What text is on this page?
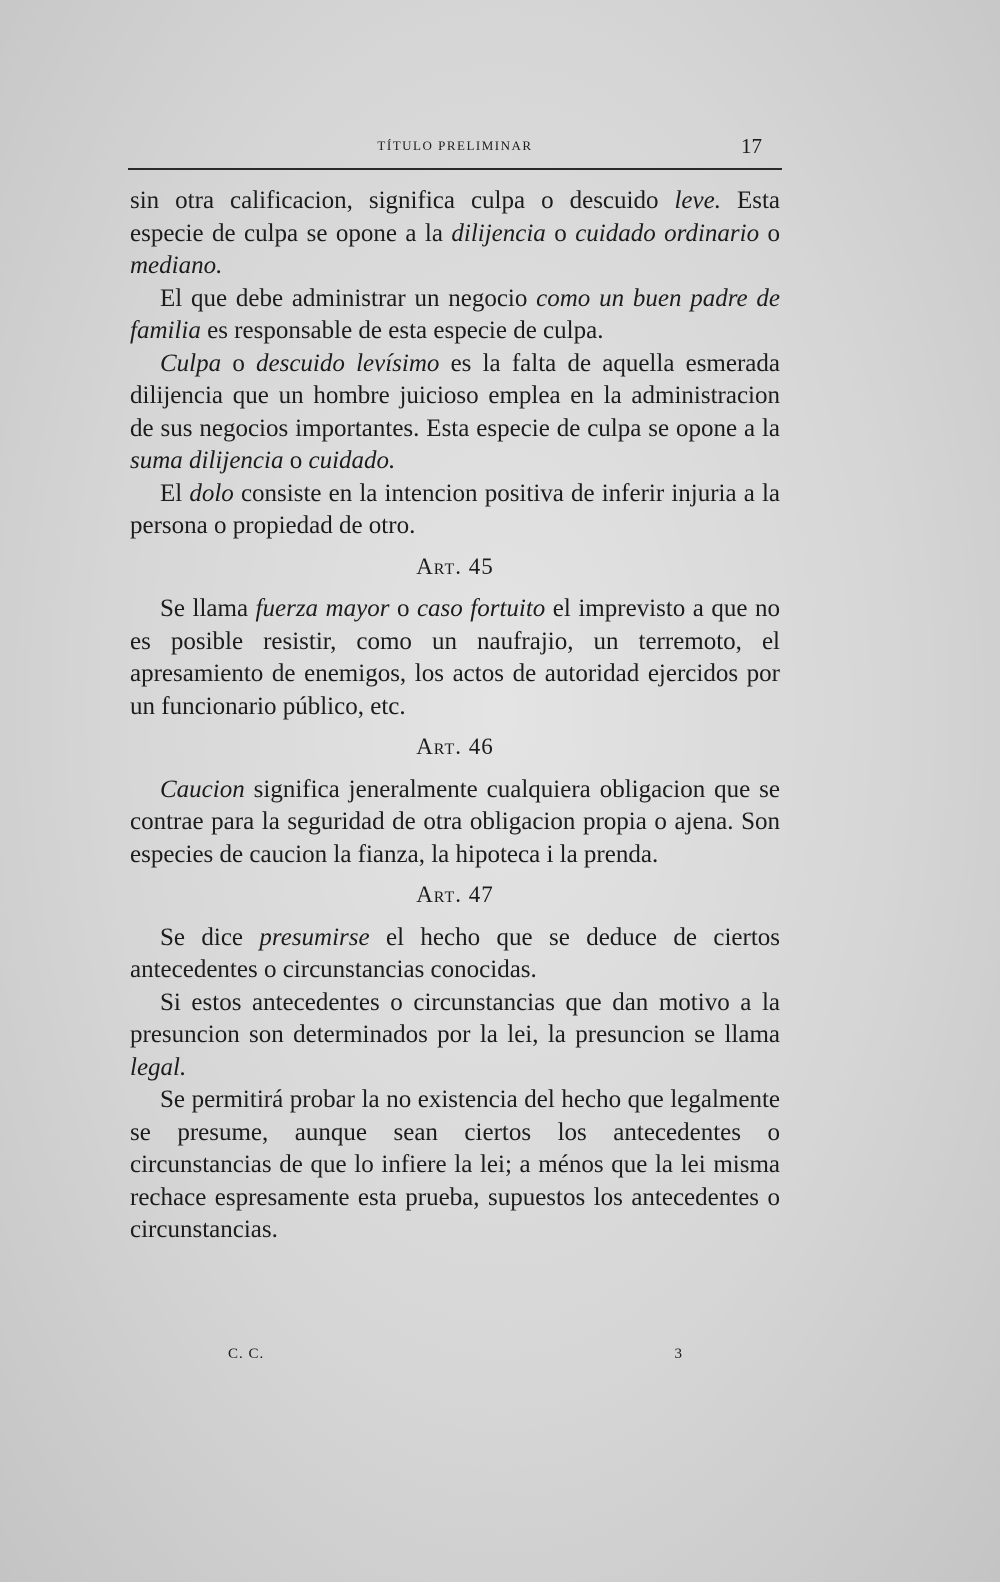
TÍTULO PRELIMINAR	17

sin otra calificacion, significa culpa o descuido leve. Esta especie de culpa se opone a la dilijencia o cuidado ordinario o mediano.

El que debe administrar un negocio como un buen padre de familia es responsable de esta especie de culpa.

Culpa o descuido levísimo es la falta de aquella esmerada dilijencia que un hombre juicioso emplea en la administracion de sus negocios importantes. Esta especie de culpa se opone a la suma dilijencia o cuidado.

El dolo consiste en la intencion positiva de inferir injuria a la persona o propiedad de otro.

Art. 45

Se llama fuerza mayor o caso fortuito el imprevisto a que no es posible resistir, como un naufrajio, un terremoto, el apresamiento de enemigos, los actos de autoridad ejercidos por un funcionario público, etc.

Art. 46

Caucion significa jeneralmente cualquiera obligacion que se contrae para la seguridad de otra obligacion propia o ajena. Son especies de caucion la fianza, la hipoteca i la prenda.

Art. 47

Se dice presumirse el hecho que se deduce de ciertos antecedentes o circunstancias conocidas.

Si estos antecedentes o circunstancias que dan motivo a la presuncion son determinados por la lei, la presuncion se llama legal.

Se permitirá probar la no existencia del hecho que legalmente se presume, aunque sean ciertos los antecedentes o circunstancias de que lo infiere la lei; a ménos que la lei misma rechace espresamente esta prueba, supuestos los antecedentes o circunstancias.

C. C.	3
